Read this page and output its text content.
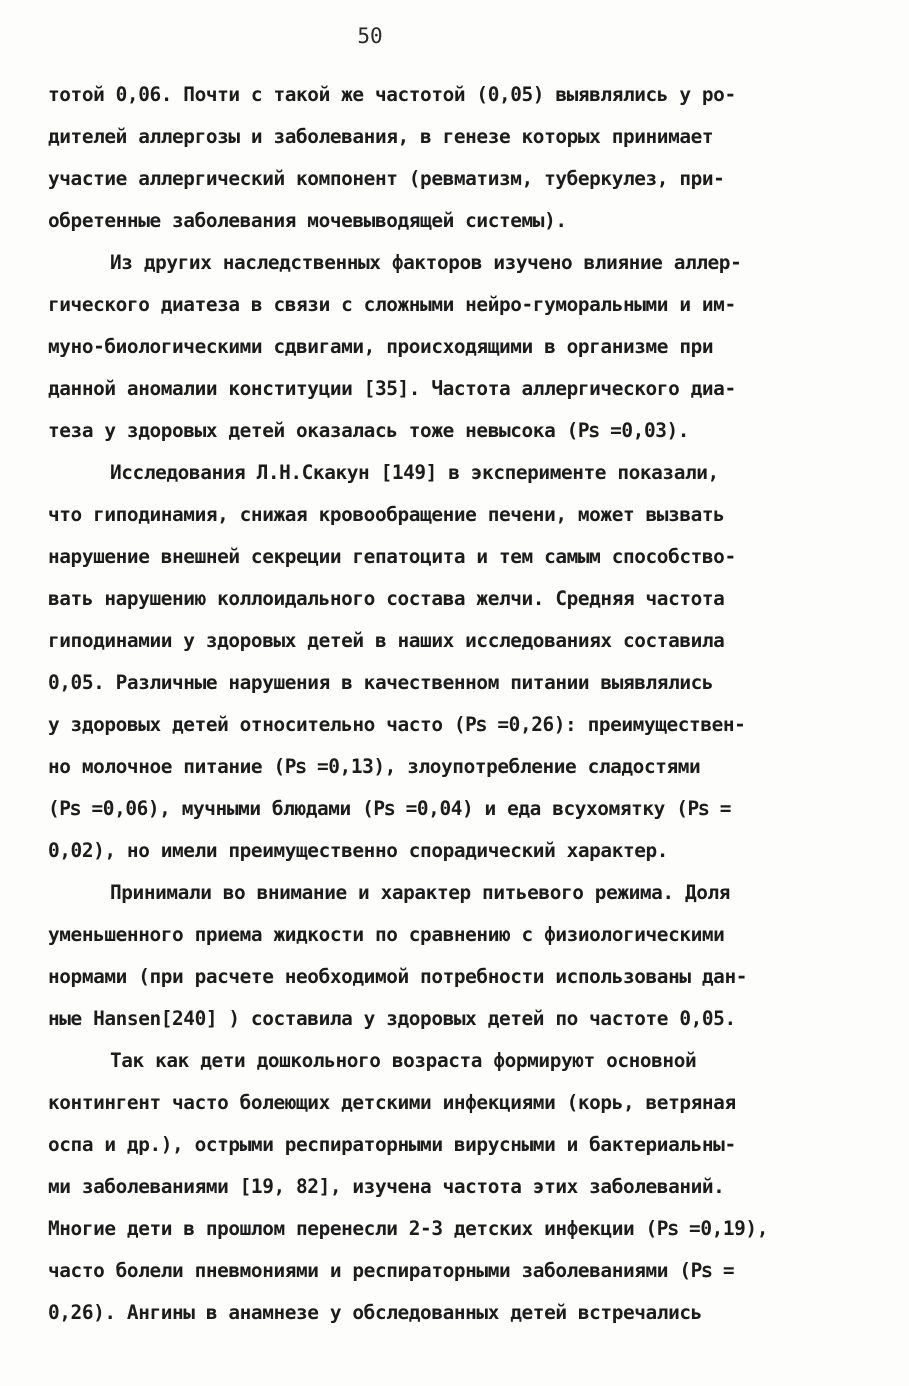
50
тотой 0,06. Почти с такой же частотой (0,05) выявлялись у ро-
дителей аллергозы и заболевания, в генезе которых принимает
участие аллергический компонент (ревматизм, туберкулез, при-
обретенные заболевания мочевыводящей системы).
Из других наследственных факторов изучено влияние аллер-
гического диатеза в связи с сложными нейро-гуморальными и им-
муно-биологическими сдвигами, происходящими в организме при
данной аномалии конституции [35]. Частота аллергического диа-
теза у здоровых детей оказалась тоже невысока (Pꜱ =0,03).
Исследования Л.Н.Скакун [149] в эксперименте показали,
что гиподинамия, снижая кровообращение печени, может вызвать
нарушение внешней секреции гепатоцита и тем самым способство-
вать нарушению коллоидального состава желчи. Средняя частота
гиподинамии у здоровых детей в наших исследованиях составила
0,05. Различные нарушения в качественном питании выявлялись
у здоровых детей относительно часто (Pꜱ =0,26): преимуществен-
но молочное питание (Pꜱ =0,13), злоупотребление сладостями
(Pꜱ =0,06), мучными блюдами (Pꜱ =0,04) и еда всухомятку (Pꜱ =
0,02), но имели преимущественно спорадический характер.
Принимали во внимание и характер питьевого режима. Доля
уменьшенного приема жидкости по сравнению с физиологическими
нормами (при расчете необходимой потребности использованы дан-
ные Hansen[240] ) составила у здоровых детей по частоте 0,05.
Так как дети дошкольного возраста формируют основной
контингент часто болеющих детскими инфекциями (корь, ветряная
оспа и др.), острыми респираторными вирусными и бактериальны-
ми заболеваниями [19, 82], изучена частота этих заболеваний.
Многие дети в прошлом перенесли 2-3 детских инфекции (Pꜱ =0,19),
часто болели пневмониями и респираторными заболеваниями (Pꜱ =
0,26). Ангины в анамнезе у обследованных детей встречались
